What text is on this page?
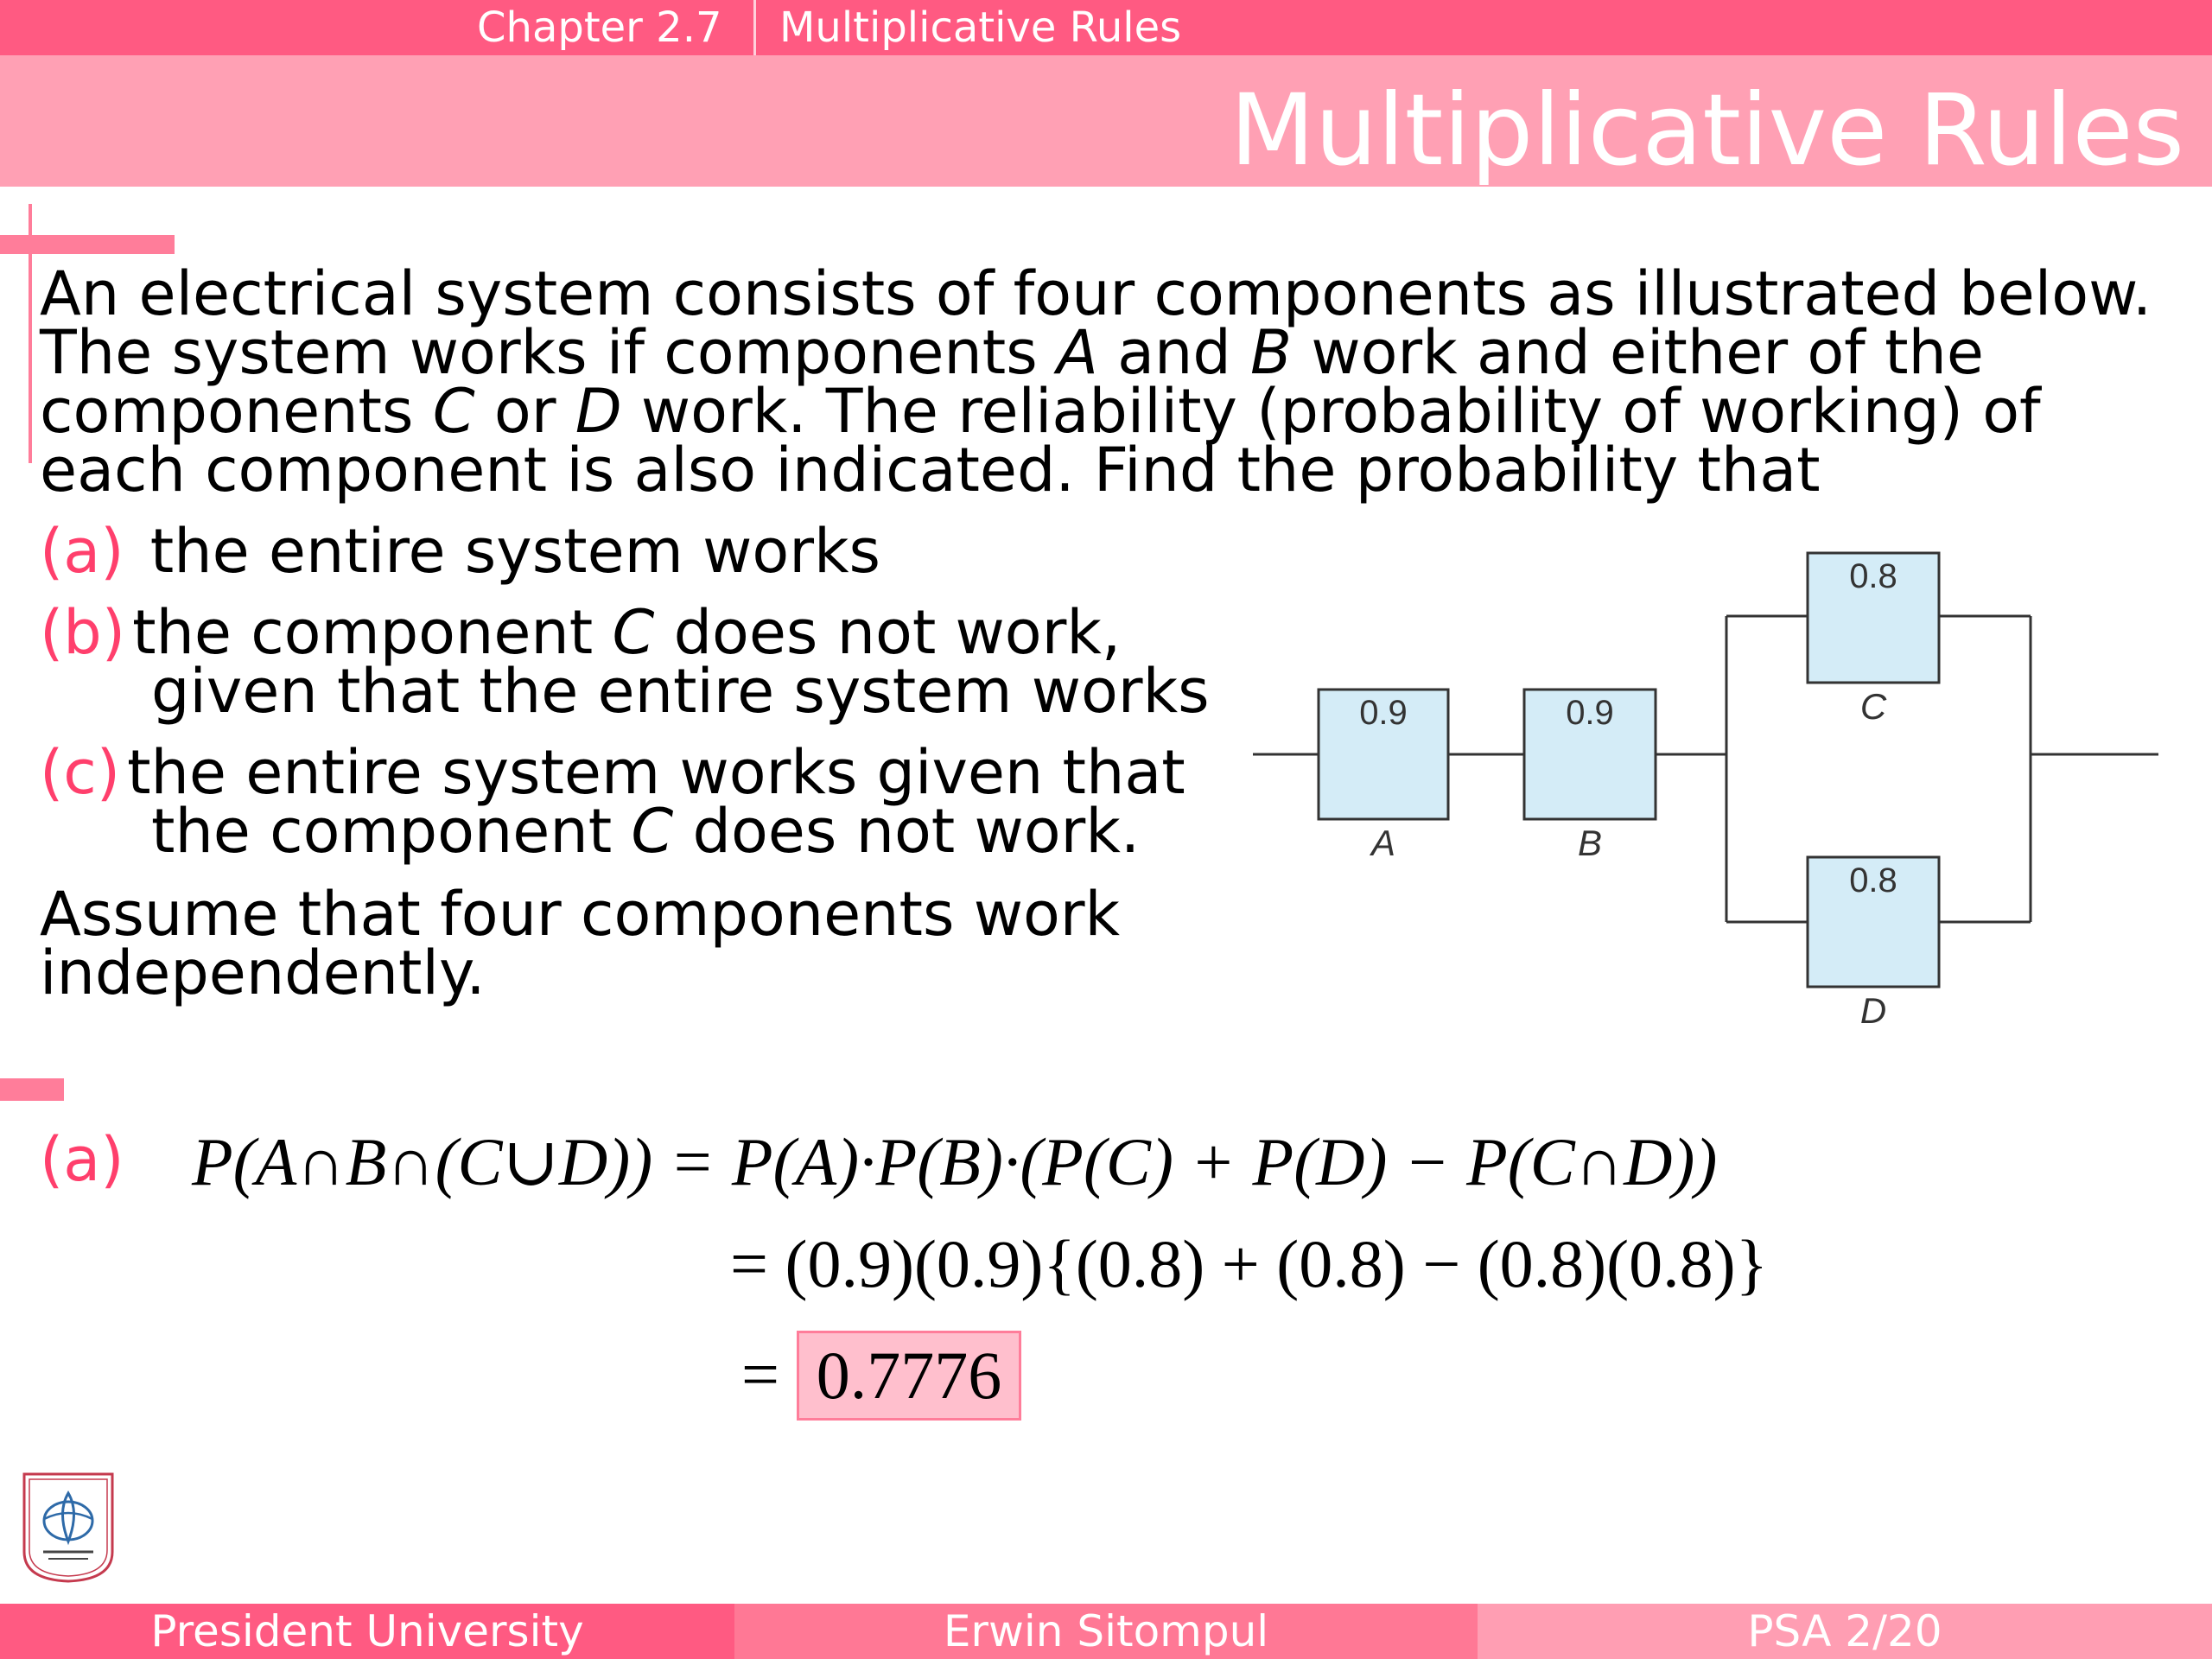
Chapter 2.7 Multiplicative Rules
Multiplicative Rules
An electrical system consists of four components as illustrated below.
The system works if components A and B work and either of the
components C or D work. The reliability (probability of working) of
each component is also indicated. Find the probability that
(a) the entire system works
(b) the component C does not work,
given that the entire system works
(c) the entire system works given that
the component C does not work.
Assume that four components work
independently.
0.9
A
0.9
B
0.8
C
0.8
D
(a) P(A∩B∩(C∪D)) = P(A)·P(B)·(P(C) + P(D) − P(C∩D))
= (0.9)(0.9){(0.8) + (0.8) − (0.8)(0.8)}
= 0.7776
President University	Erwin Sitompul	PSA 2/20
